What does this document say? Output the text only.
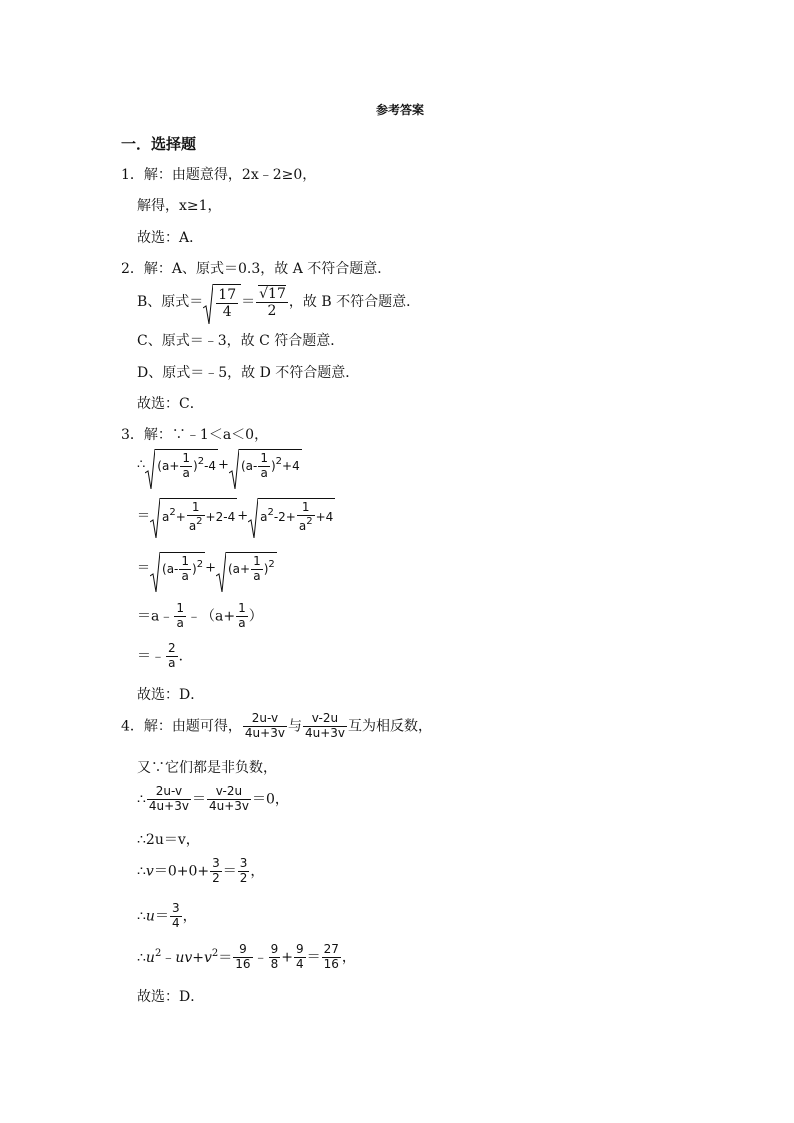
参考答案
一．选择题
1．解：由题意得，2x﹣2≥0，
解得，x≥1，
故选：A．
2．解：A、原式＝0.3，故 A 不符合题意．
B、原式＝ $\frac{17}{4} = \frac{√17}{2}$ ，故 B 不符合题意．
C、原式＝﹣3，故 C 符合题意．
D、原式＝﹣5，故 D 不符合题意．
故选：C．
3．解：∵﹣1＜a＜0，
∴ $(a+ \frac{1}{a} )^2-4 + (a- \frac{1}{a} )^2+4$
＝ $a^2+ \frac{1}{a^2} +2-4 + a^2-2+ \frac{1}{a^2} +4$
＝ $(a- \frac{1}{a} )^2 + (a+ \frac{1}{a} )^2$
＝a﹣ $\frac{1}{a}$ ﹣（a+ $\frac{1}{a}$ ）
＝﹣ $\frac{2}{a}$ ．
故选：D．
4．解：由题可得， $\frac{2u-v}{4u+3v}$ 与 $\frac{v-2u}{4u+3v}$ 互为相反数，
又∵它们都是非负数，
∴ $\frac{2u-v}{4u+3v} = \frac{v-2u}{4u+3v} =0$，
∴2u＝v，
∴v＝0+0+ $\frac{3}{2} = \frac{3}{2}$ ，
∴u＝ $\frac{3}{4}$ ，
$\therefore u^2﹣uv+v^2= \frac{9}{16}$ ﹣ $\frac{9}{8} + \frac{9}{4} = \frac{27}{16}$ ，
故选：D．
